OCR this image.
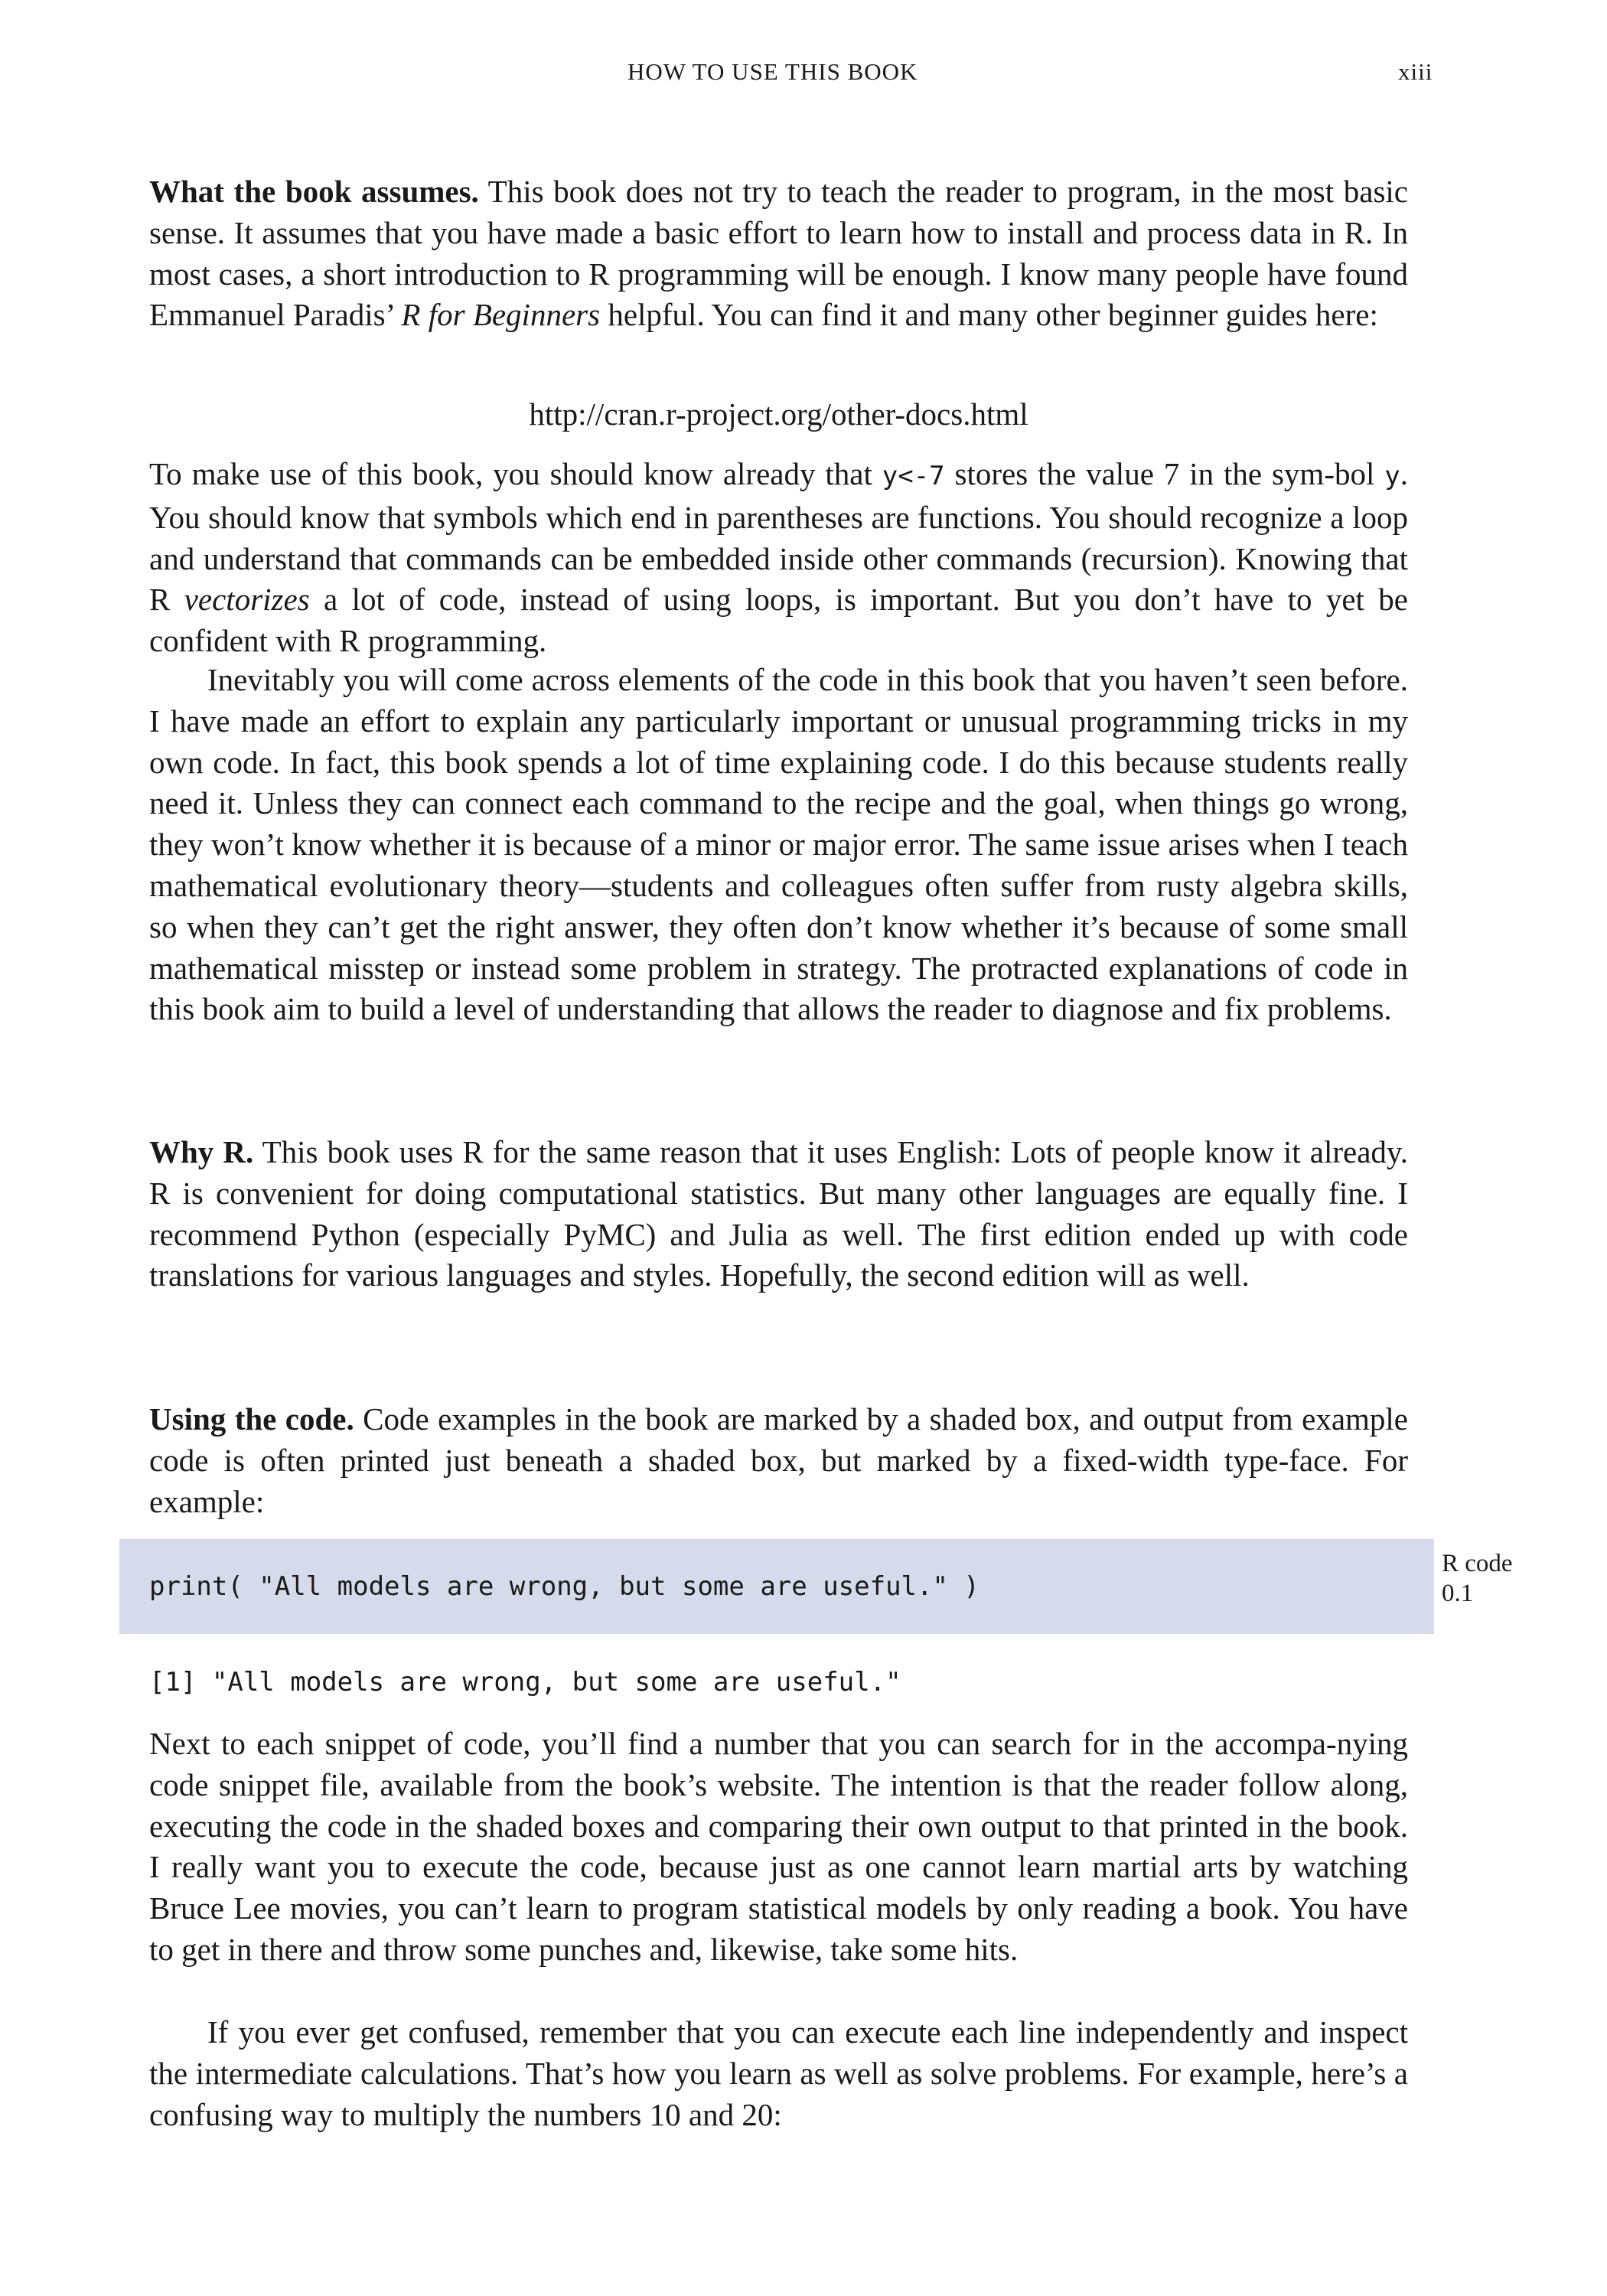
HOW TO USE THIS BOOK	xiii

What the book assumes. This book does not try to teach the reader to program, in the most basic sense. It assumes that you have made a basic effort to learn how to install and process data in R. In most cases, a short introduction to R programming will be enough. I know many people have found Emmanuel Paradis’ R for Beginners helpful. You can find it and many other beginner guides here:

http://cran.r-project.org/other-docs.html

To make use of this book, you should know already that y<-7 stores the value 7 in the sym-bol y. You should know that symbols which end in parentheses are functions. You should recognize a loop and understand that commands can be embedded inside other commands (recursion). Knowing that R vectorizes a lot of code, instead of using loops, is important. But you don’t have to yet be confident with R programming.

Inevitably you will come across elements of the code in this book that you haven’t seen before. I have made an effort to explain any particularly important or unusual programming tricks in my own code. In fact, this book spends a lot of time explaining code. I do this because students really need it. Unless they can connect each command to the recipe and the goal, when things go wrong, they won’t know whether it is because of a minor or major error. The same issue arises when I teach mathematical evolutionary theory—students and colleagues often suffer from rusty algebra skills, so when they can’t get the right answer, they often don’t know whether it’s because of some small mathematical misstep or instead some problem in strategy. The protracted explanations of code in this book aim to build a level of understanding that allows the reader to diagnose and fix problems.

Why R. This book uses R for the same reason that it uses English: Lots of people know it already. R is convenient for doing computational statistics. But many other languages are equally fine. I recommend Python (especially PyMC) and Julia as well. The first edition ended up with code translations for various languages and styles. Hopefully, the second edition will as well.

Using the code. Code examples in the book are marked by a shaded box, and output from example code is often printed just beneath a shaded box, but marked by a fixed-width type-face. For example:

print( "All models are wrong, but some are useful." )
R code
0.1
[1] "All models are wrong, but some are useful."

Next to each snippet of code, you’ll find a number that you can search for in the accompa-nying code snippet file, available from the book’s website. The intention is that the reader follow along, executing the code in the shaded boxes and comparing their own output to that printed in the book. I really want you to execute the code, because just as one cannot learn martial arts by watching Bruce Lee movies, you can’t learn to program statistical models by only reading a book. You have to get in there and throw some punches and, likewise, take some hits.

If you ever get confused, remember that you can execute each line independently and inspect the intermediate calculations. That’s how you learn as well as solve problems. For example, here’s a confusing way to multiply the numbers 10 and 20:
